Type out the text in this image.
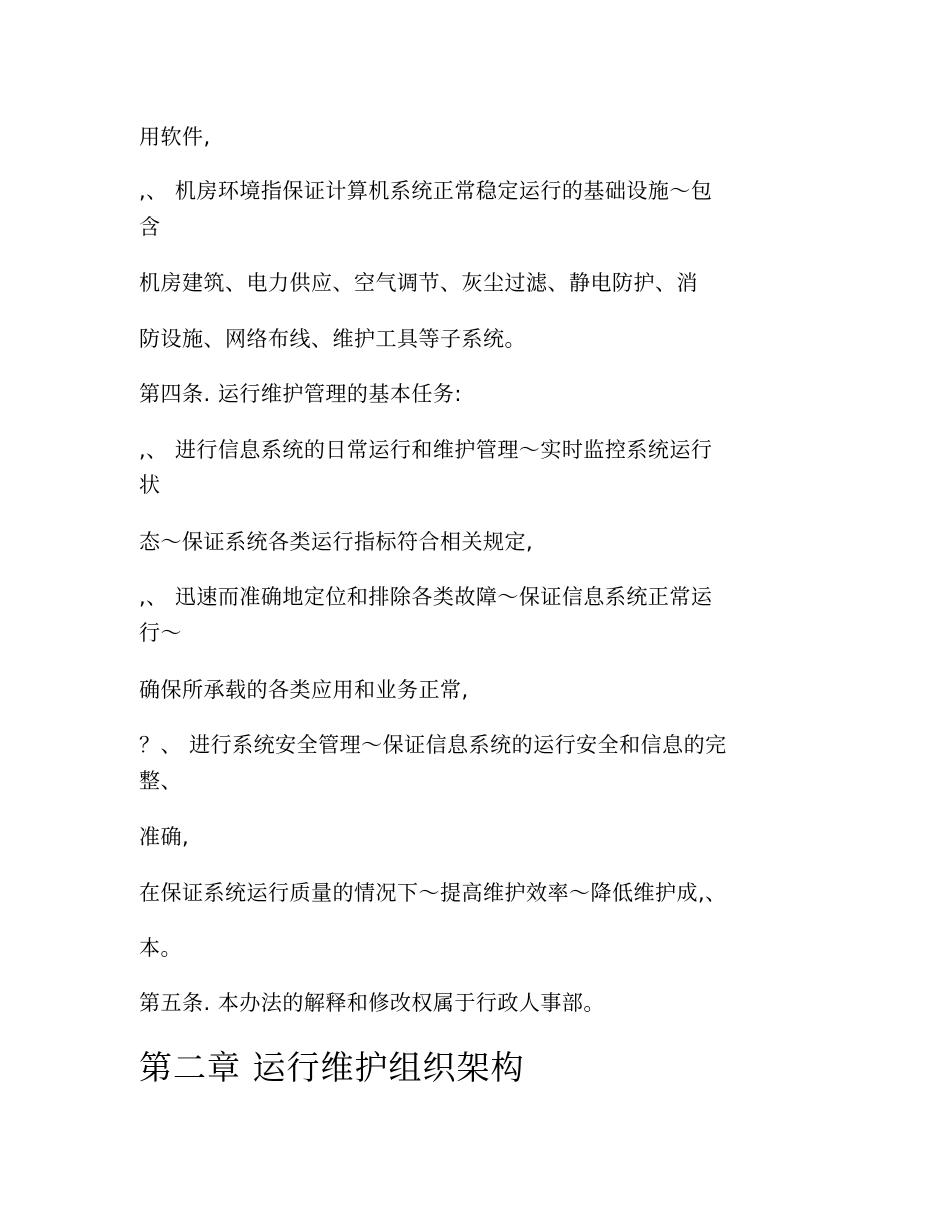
用软件,
,、 机房环境指保证计算机系统正常稳定运行的基础设施～包
含
机房建筑、电力供应、空气调节、灰尘过滤、静电防护、消
防设施、网络布线、维护工具等子系统。
第四条. 运行维护管理的基本任务:
,、 进行信息系统的日常运行和维护管理～实时监控系统运行
状
态～保证系统各类运行指标符合相关规定,
,、 迅速而准确地定位和排除各类故障～保证信息系统正常运
行～
确保所承载的各类应用和业务正常,
？、 进行系统安全管理～保证信息系统的运行安全和信息的完
整、
准确,
在保证系统运行质量的情况下～提高维护效率～降低维护成,、
本。
第五条. 本办法的解释和修改权属于行政人事部。
第二章 运行维护组织架构
